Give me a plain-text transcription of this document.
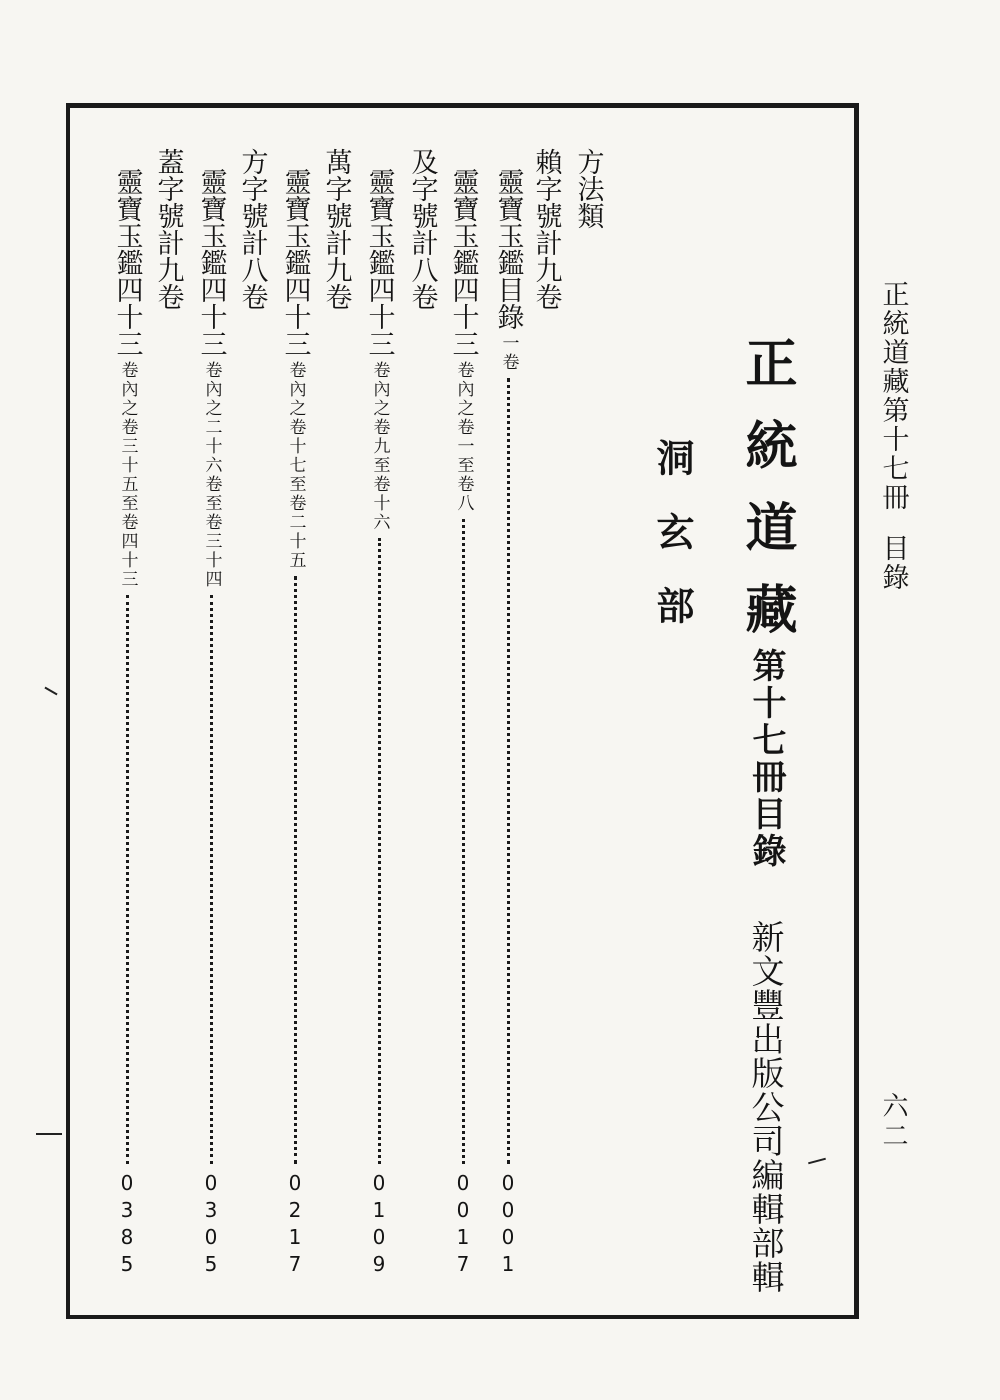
正統道藏第十七冊
目錄
六二
方法類
賴字號計九卷
靈寶玉鑑目錄
一卷
0
0
0
1
及字號計八卷 靈寶玉鑑四十三
卷內之卷一至卷八
0
0
1
7
萬字號計九卷 靈寶玉鑑四十三
卷內之卷九至卷十六
0
1
0
9
方字號計八卷 靈寶玉鑑四十三
卷內之卷十七至卷二十五
0
2
1
7
蓋字號計九卷 靈寶玉鑑四十三
卷內之二十六卷至卷三十四
0
3
0
5
靈寶玉鑑四十三
卷內之卷三十五至卷四十三
0
3
8
5
洞玄部 正統道藏
第十七冊目錄
新文豐出版公司編輯部輯
